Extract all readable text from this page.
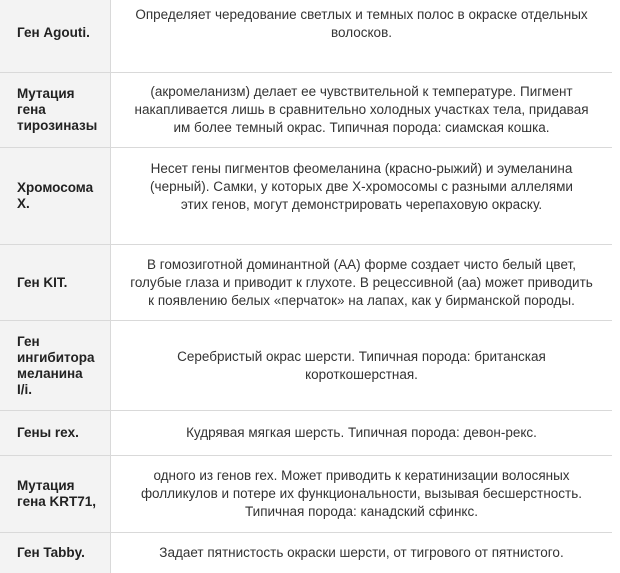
Ген Agouti.
Определяет чередование светлых и темных полос в окраске отдельных волосков.
Мутация гена тирозиназы
(акромеланизм) делает ее чувствительной к температуре. Пигмент накапливается лишь в сравнительно холодных участках тела, придавая им более темный окрас. Типичная порода: сиамская кошка.
Хромосома X.
Несет гены пигментов феомеланина (красно-рыжий) и эумеланина (черный). Самки, у которых две Х-хромосомы с разными аллелями этих генов, могут демонстрировать черепаховую окраску.
Ген KIT.
В гомозиготной доминантной (АА) форме создает чисто белый цвет, голубые глаза и приводит к глухоте. В рецессивной (аа) может приводить к появлению белых «перчаток» на лапах, как у бирманской породы.
Ген ингибитора меланина I/i.
Серебристый окрас шерсти. Типичная порода: британская короткошерстная.
Гены rex.	Кудрявая мягкая шерсть. Типичная порода: девон-рекс.
Мутация гена KRT71,
одного из генов rex. Может приводить к кератинизации волосяных фолликулов и потере их функциональности, вызывая бесшерстность. Типичная порода: канадский сфинкс.
Ген Tabby.	Задает пятнистость окраски шерсти, от тигрового от пятнистого.
